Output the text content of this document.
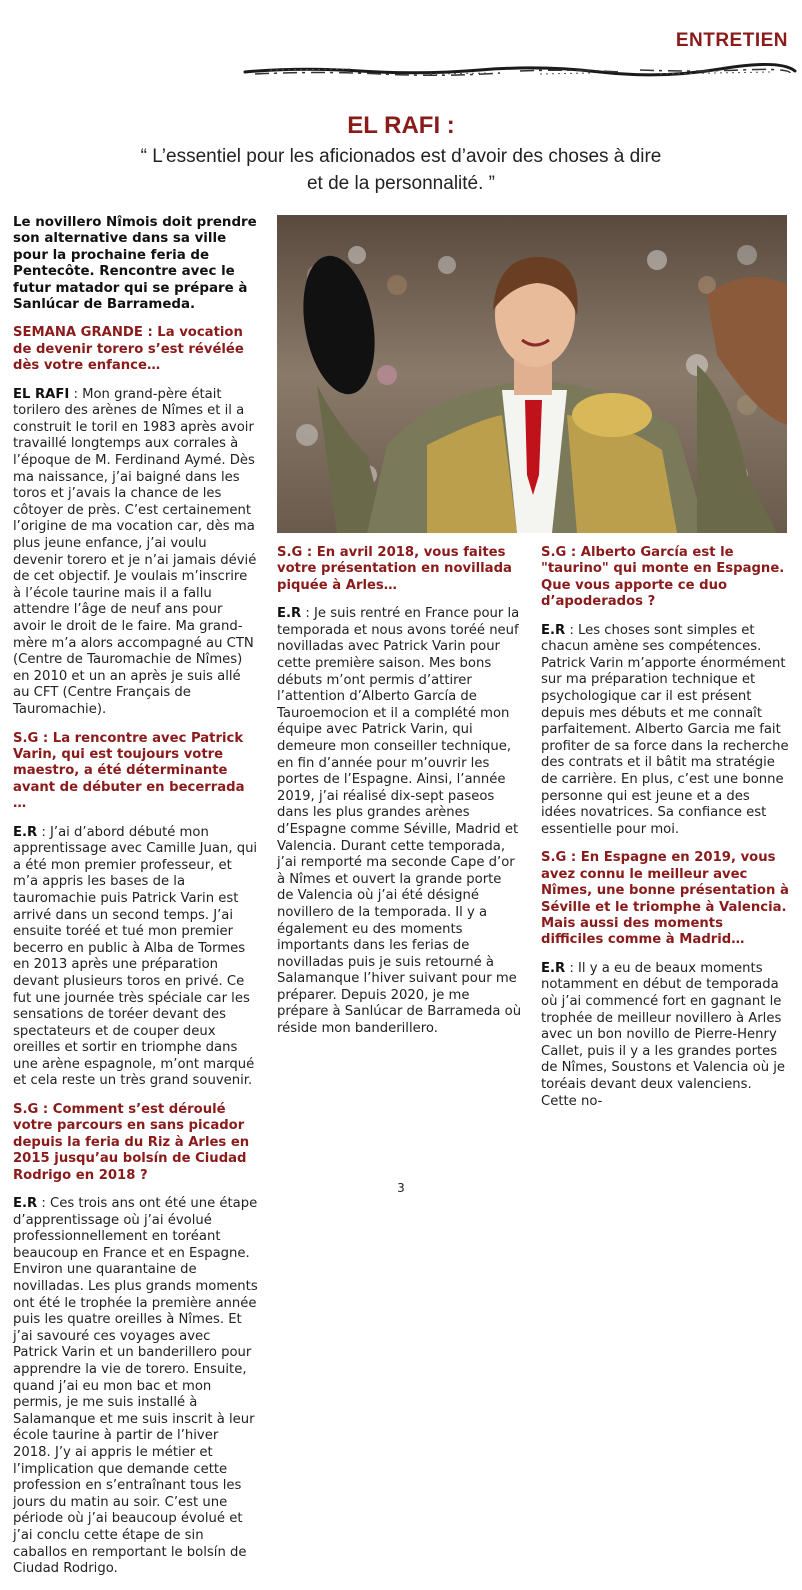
ENTRETIEN
EL RAFI :
“ L’essentiel pour les aficionados est d’avoir des choses à dire
et de la personnalité. ”

Le novillero Nîmois doit prendre son alternative dans sa ville pour la prochaine feria de Pentecôte. Rencontre avec le futur matador qui se prépare à Sanlúcar de Barrameda.

SEMANA GRANDE : La vocation de devenir torero s’est révélée dès votre enfance…

EL RAFI : Mon grand-père était torilero des arènes de Nîmes et il a construit le toril en 1983 après avoir travaillé longtemps aux corrales à l’époque de M. Ferdinand Aymé. Dès ma naissance, j’ai baigné dans les toros et j’avais la chance de les côtoyer de près. C’est certainement l’origine de ma vocation car, dès ma plus jeune enfance, j’ai voulu devenir torero et je n’ai jamais dévié de cet objectif. Je voulais m’inscrire à l’école taurine mais il a fallu attendre l’âge de neuf ans pour avoir le droit de le faire. Ma grand-mère m’a alors accompagné au CTN (Centre de Tauromachie de Nîmes) en 2010 et un an après je suis allé au CFT (Centre Français de Tauromachie).

S.G : La rencontre avec Patrick Varin, qui est toujours votre maestro, a été déterminante avant de débuter en becerrada …

E.R : J’ai d’abord débuté mon apprentissage avec Camille Juan, qui a été mon premier professeur, et m’a appris les bases de la tauromachie puis Patrick Varin est arrivé dans un second temps. J’ai ensuite toréé et tué mon premier becerro en public à Alba de Tormes en 2013 après une préparation devant plusieurs toros en privé. Ce fut une journée très spéciale car les sensations de toréer devant des spectateurs et de couper deux oreilles et sortir en triomphe dans une arène espagnole, m’ont marqué et cela reste un très grand souvenir.

S.G : Comment s’est déroulé votre parcours en sans picador depuis la feria du Riz à Arles en 2015 jusqu’au bolsín de Ciudad Rodrigo en 2018 ?

E.R : Ces trois ans ont été une étape d’apprentissage où j’ai évolué professionnellement en toréant beaucoup en France et en Espagne. Environ une quarantaine de novilladas. Les plus grands moments ont été le trophée la première année puis les quatre oreilles à Nîmes. Et j’ai savouré ces voyages avec Patrick Varin et un banderillero pour apprendre la vie de torero. Ensuite, quand j’ai eu mon bac et mon permis, je me suis installé à Salamanque et me suis inscrit à leur école taurine à partir de l’hiver 2018. J’y ai appris le métier et l’implication que demande cette profession en s’entraînant tous les jours du matin au soir. C’est une période où j’ai beaucoup évolué et j’ai conclu cette étape de sin caballos en remportant le bolsín de Ciudad Rodrigo.

S.G : En avril 2018, vous faites votre présentation en novillada piquée à Arles…

E.R : Je suis rentré en France pour la temporada et nous avons toréé neuf novilladas avec Patrick Varin pour cette première saison. Mes bons débuts m’ont permis d’attirer l’attention d’Alberto García de Tauroemocion et il a complété mon équipe avec Patrick Varin, qui demeure mon conseiller technique, en fin d’année pour m’ouvrir les portes de l’Espagne. Ainsi, l’année 2019, j’ai réalisé dix-sept paseos dans les plus grandes arènes d’Espagne comme Séville, Madrid et Valencia. Durant cette temporada, j’ai remporté ma seconde Cape d’or à Nîmes et ouvert la grande porte de Valencia où j’ai été désigné novillero de la temporada. Il y a également eu des moments importants dans les ferias de novilladas puis je suis retourné à Salamanque l’hiver suivant pour me préparer. Depuis 2020, je me prépare à Sanlúcar de Barrameda où réside mon banderillero.

S.G : Alberto García est le "taurino" qui monte en Espagne. Que vous apporte ce duo d’apoderados ?

E.R : Les choses sont simples et chacun amène ses compétences. Patrick Varin m’apporte énormément sur ma préparation technique et psychologique car il est présent depuis mes débuts et me connaît parfaitement. Alberto Garcia me fait profiter de sa force dans la recherche des contrats et il bâtit ma stratégie de carrière. En plus, c’est une bonne personne qui est jeune et a des idées novatrices. Sa confiance est essentielle pour moi.

S.G : En Espagne en 2019, vous avez connu le meilleur avec Nîmes, une bonne présentation à Séville et le triomphe à Valencia. Mais aussi des moments difficiles comme à Madrid…

E.R : Il y a eu de beaux moments notamment en début de temporada où j’ai commencé fort en gagnant le trophée de meilleur novillero à Arles avec un bon novillo de Pierre-Henry Callet, puis il y a les grandes portes de Nîmes, Soustons et Valencia où je toréais devant deux valenciens. Cette no-

3
